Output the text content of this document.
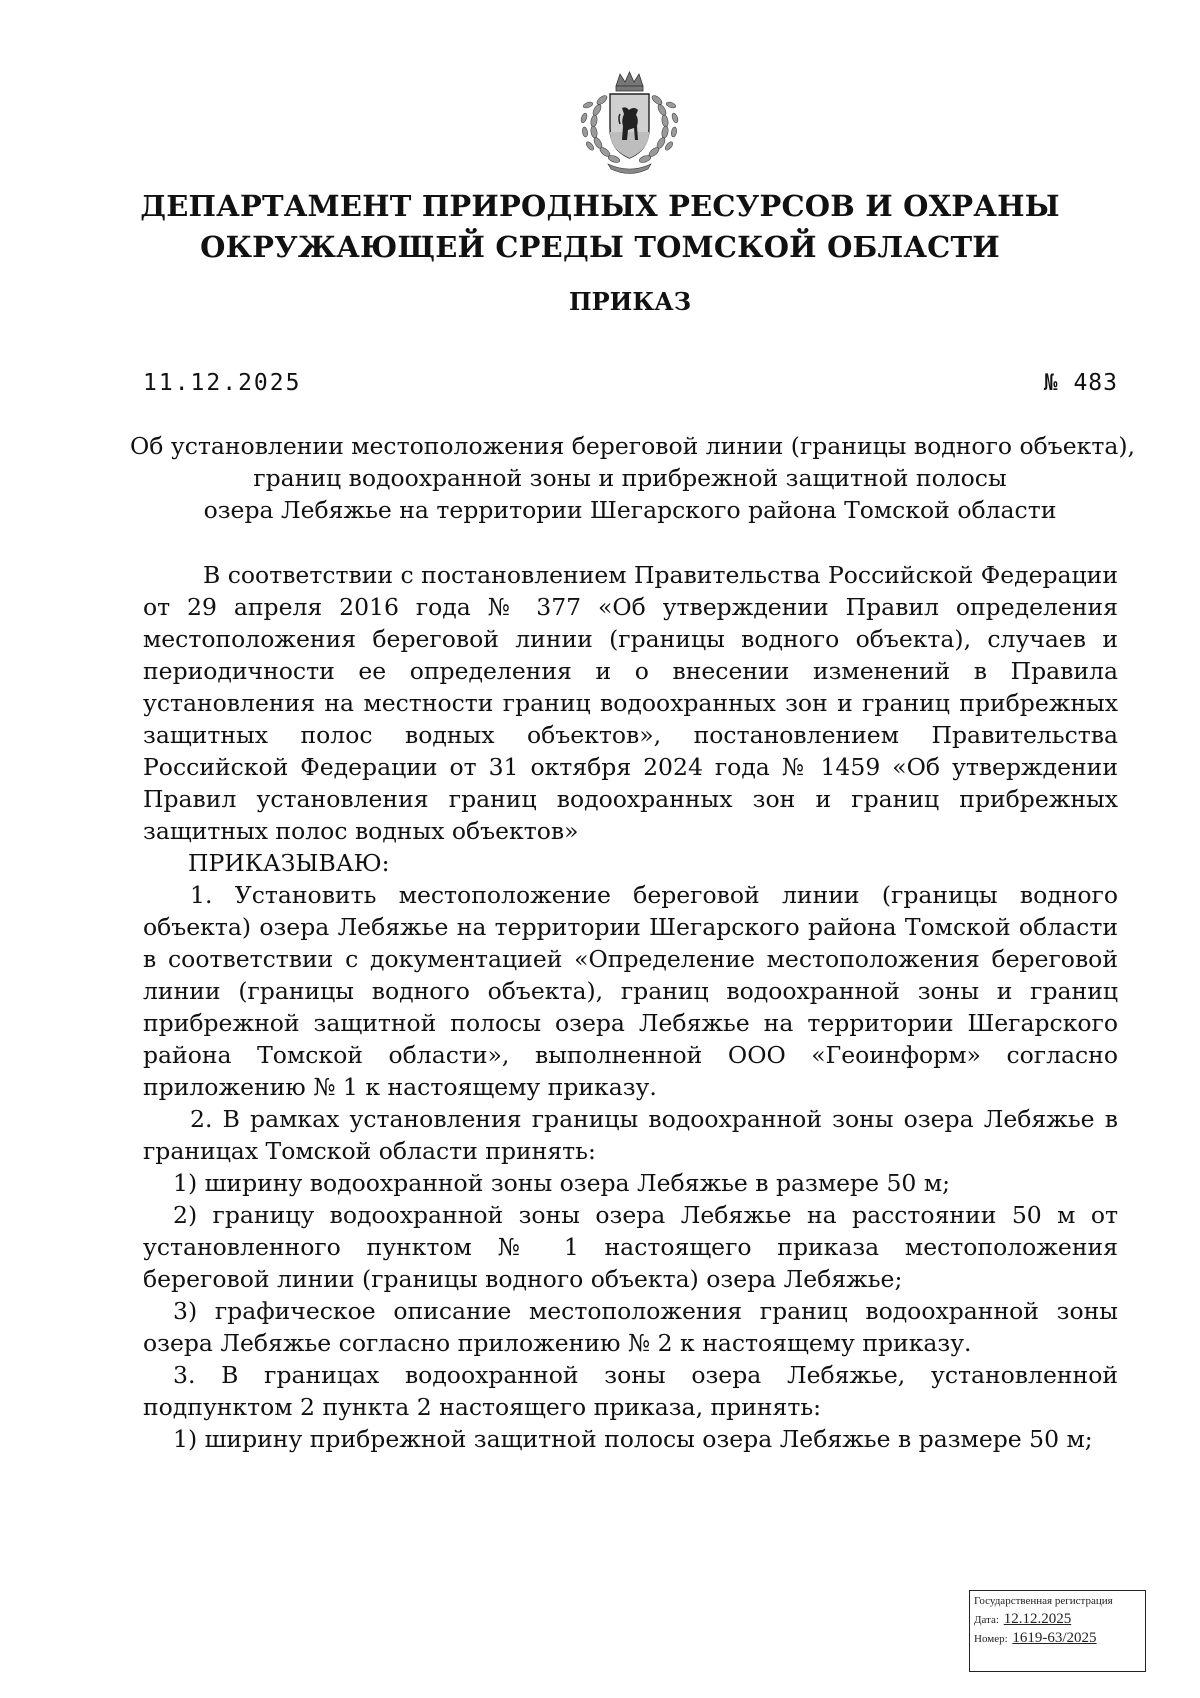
ДЕПАРТАМЕНТ ПРИРОДНЫХ РЕСУРСОВ И ОХРАНЫ
ОКРУЖАЮЩЕЙ СРЕДЫ ТОМСКОЙ ОБЛАСТИ
ПРИКАЗ
11.12.2025	№ 483
Об установлении местоположения береговой линии (границы водного объекта),
границ водоохранной зоны и прибрежной защитной полосы
озера Лебяжье на территории Шегарского района Томской области

В соответствии с постановлением Правительства Российской Федерации от 29 апреля 2016 года № 377 «Об утверждении Правил определения местоположения береговой линии (границы водного объекта), случаев и периодичности ее определения и о внесении изменений в Правила установления на местности границ водоохранных зон и границ прибрежных защитных полос водных объектов», постановлением Правительства Российской Федерации от 31 октября 2024 года № 1459 «Об утверждении Правил установления границ водоохранных зон и границ прибрежных защитных полос водных объектов»

ПРИКАЗЫВАЮ:

1. Установить местоположение береговой линии (границы водного объекта) озера Лебяжье на территории Шегарского района Томской области в соответствии с документацией «Определение местоположения береговой линии (границы водного объекта), границ водоохранной зоны и границ прибрежной защитной полосы озера Лебяжье на территории Шегарского района Томской области», выполненной ООО «Геоинформ» согласно приложению № 1 к настоящему приказу.

2. В рамках установления границы водоохранной зоны озера Лебяжье в границах Томской области принять:

1) ширину водоохранной зоны озера Лебяжье в размере 50 м;

2) границу водоохранной зоны озера Лебяжье на расстоянии 50 м от установленного пунктом № 1 настоящего приказа местоположения береговой линии (границы водного объекта) озера Лебяжье;

3) графическое описание местоположения границ водоохранной зоны озера Лебяжье согласно приложению № 2 к настоящему приказу.

3. В границах водоохранной зоны озера Лебяжье, установленной подпунктом 2 пункта 2 настоящего приказа, принять:

1) ширину прибрежной защитной полосы озера Лебяжье в размере 50 м;

Государственная регистрация
Дата: 12.12.2025
Номер: 1619-63/2025
